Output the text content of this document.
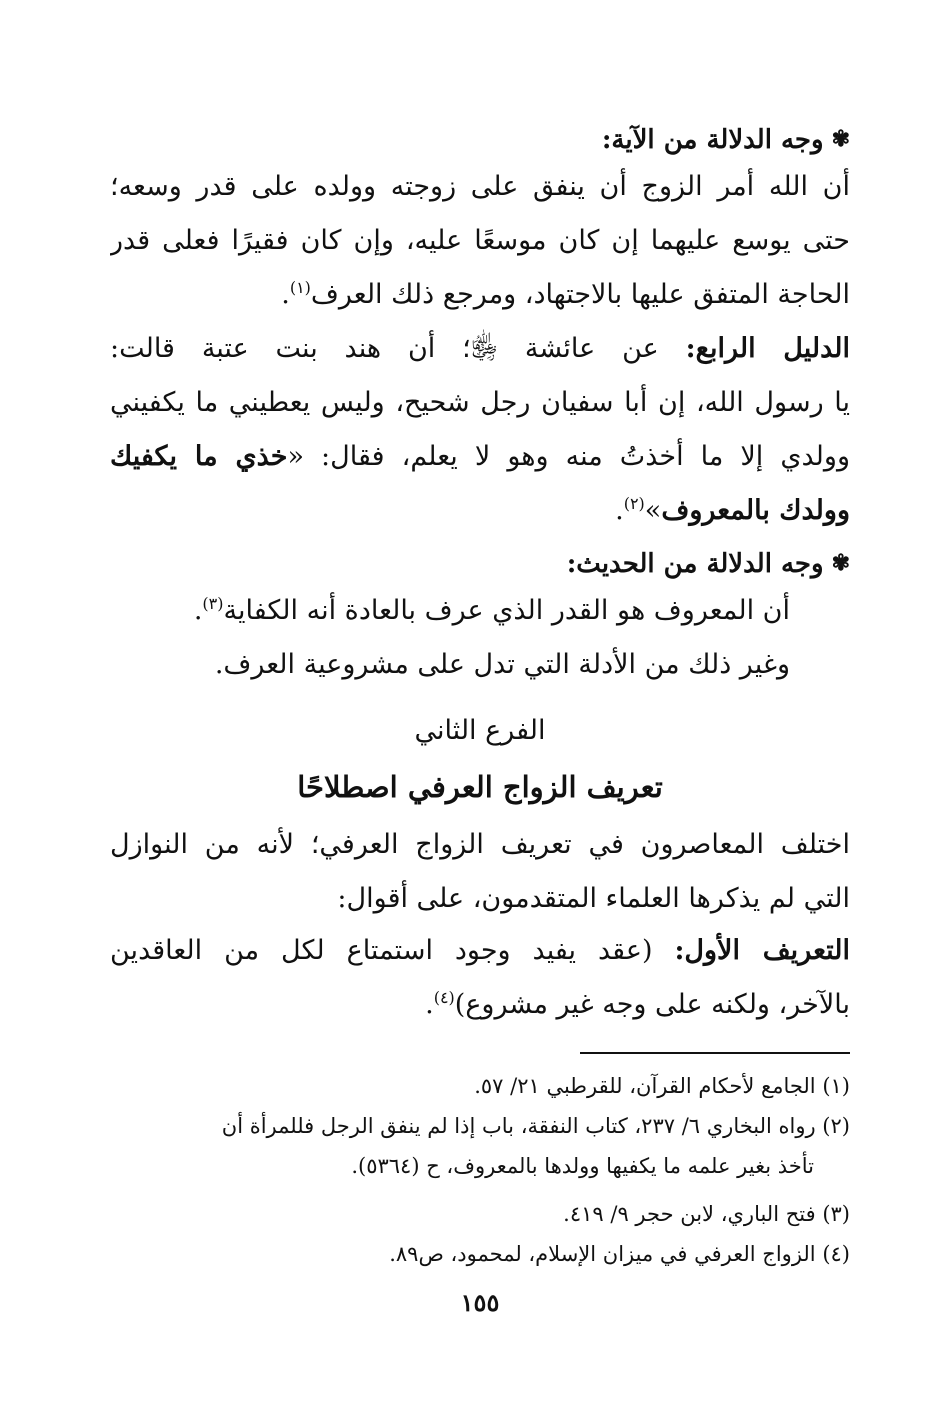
✾وجه الدلالة من الآية:
أن الله أمر الزوج أن ينفق على زوجته وولده على قدر وسعه؛
حتى يوسع عليهما إن كان موسعًا عليه، وإن كان فقيرًا فعلى قدر
الحاجة المتفق عليها بالاجتهاد، ومرجع ذلك العرف$^{(١)}$.
الدليل الرابع: عن عائشة ﵂؛ أن هند بنت عتبة قالت:
يا رسول الله، إن أبا سفيان رجل شحيح، وليس يعطيني ما يكفيني
وولدي إلا ما أخذتُ منه وهو لا يعلم، فقال: «خذي ما يكفيك
وولدك بالمعروف»$^{(٢)}$.
✾وجه الدلالة من الحديث:
أن المعروف هو القدر الذي عرف بالعادة أنه الكفاية$^{(٣)}$.
وغير ذلك من الأدلة التي تدل على مشروعية العرف.
الفرع الثاني
تعريف الزواج العرفي اصطلاحًا
اختلف المعاصرون في تعريف الزواج العرفي؛ لأنه من النوازل
التي لم يذكرها العلماء المتقدمون، على أقوال:
التعريف الأول: (عقد يفيد وجود استمتاع لكل من العاقدين
بالآخر، ولكنه على وجه غير مشروع)$^{(٤)}$.
(١) الجامع لأحكام القرآن، للقرطبي ٢١/ ٥٧.
(٢) رواه البخاري ٦/ ٢٣٧، كتاب النفقة، باب إذا لم ينفق الرجل فللمرأة أن
تأخذ بغير علمه ما يكفيها وولدها بالمعروف، ح (٥٣٦٤).
(٣) فتح الباري، لابن حجر ٩/ ٤١٩.
(٤) الزواج العرفي في ميزان الإسلام، لمحمود، ص٨٩.
١٥٥
